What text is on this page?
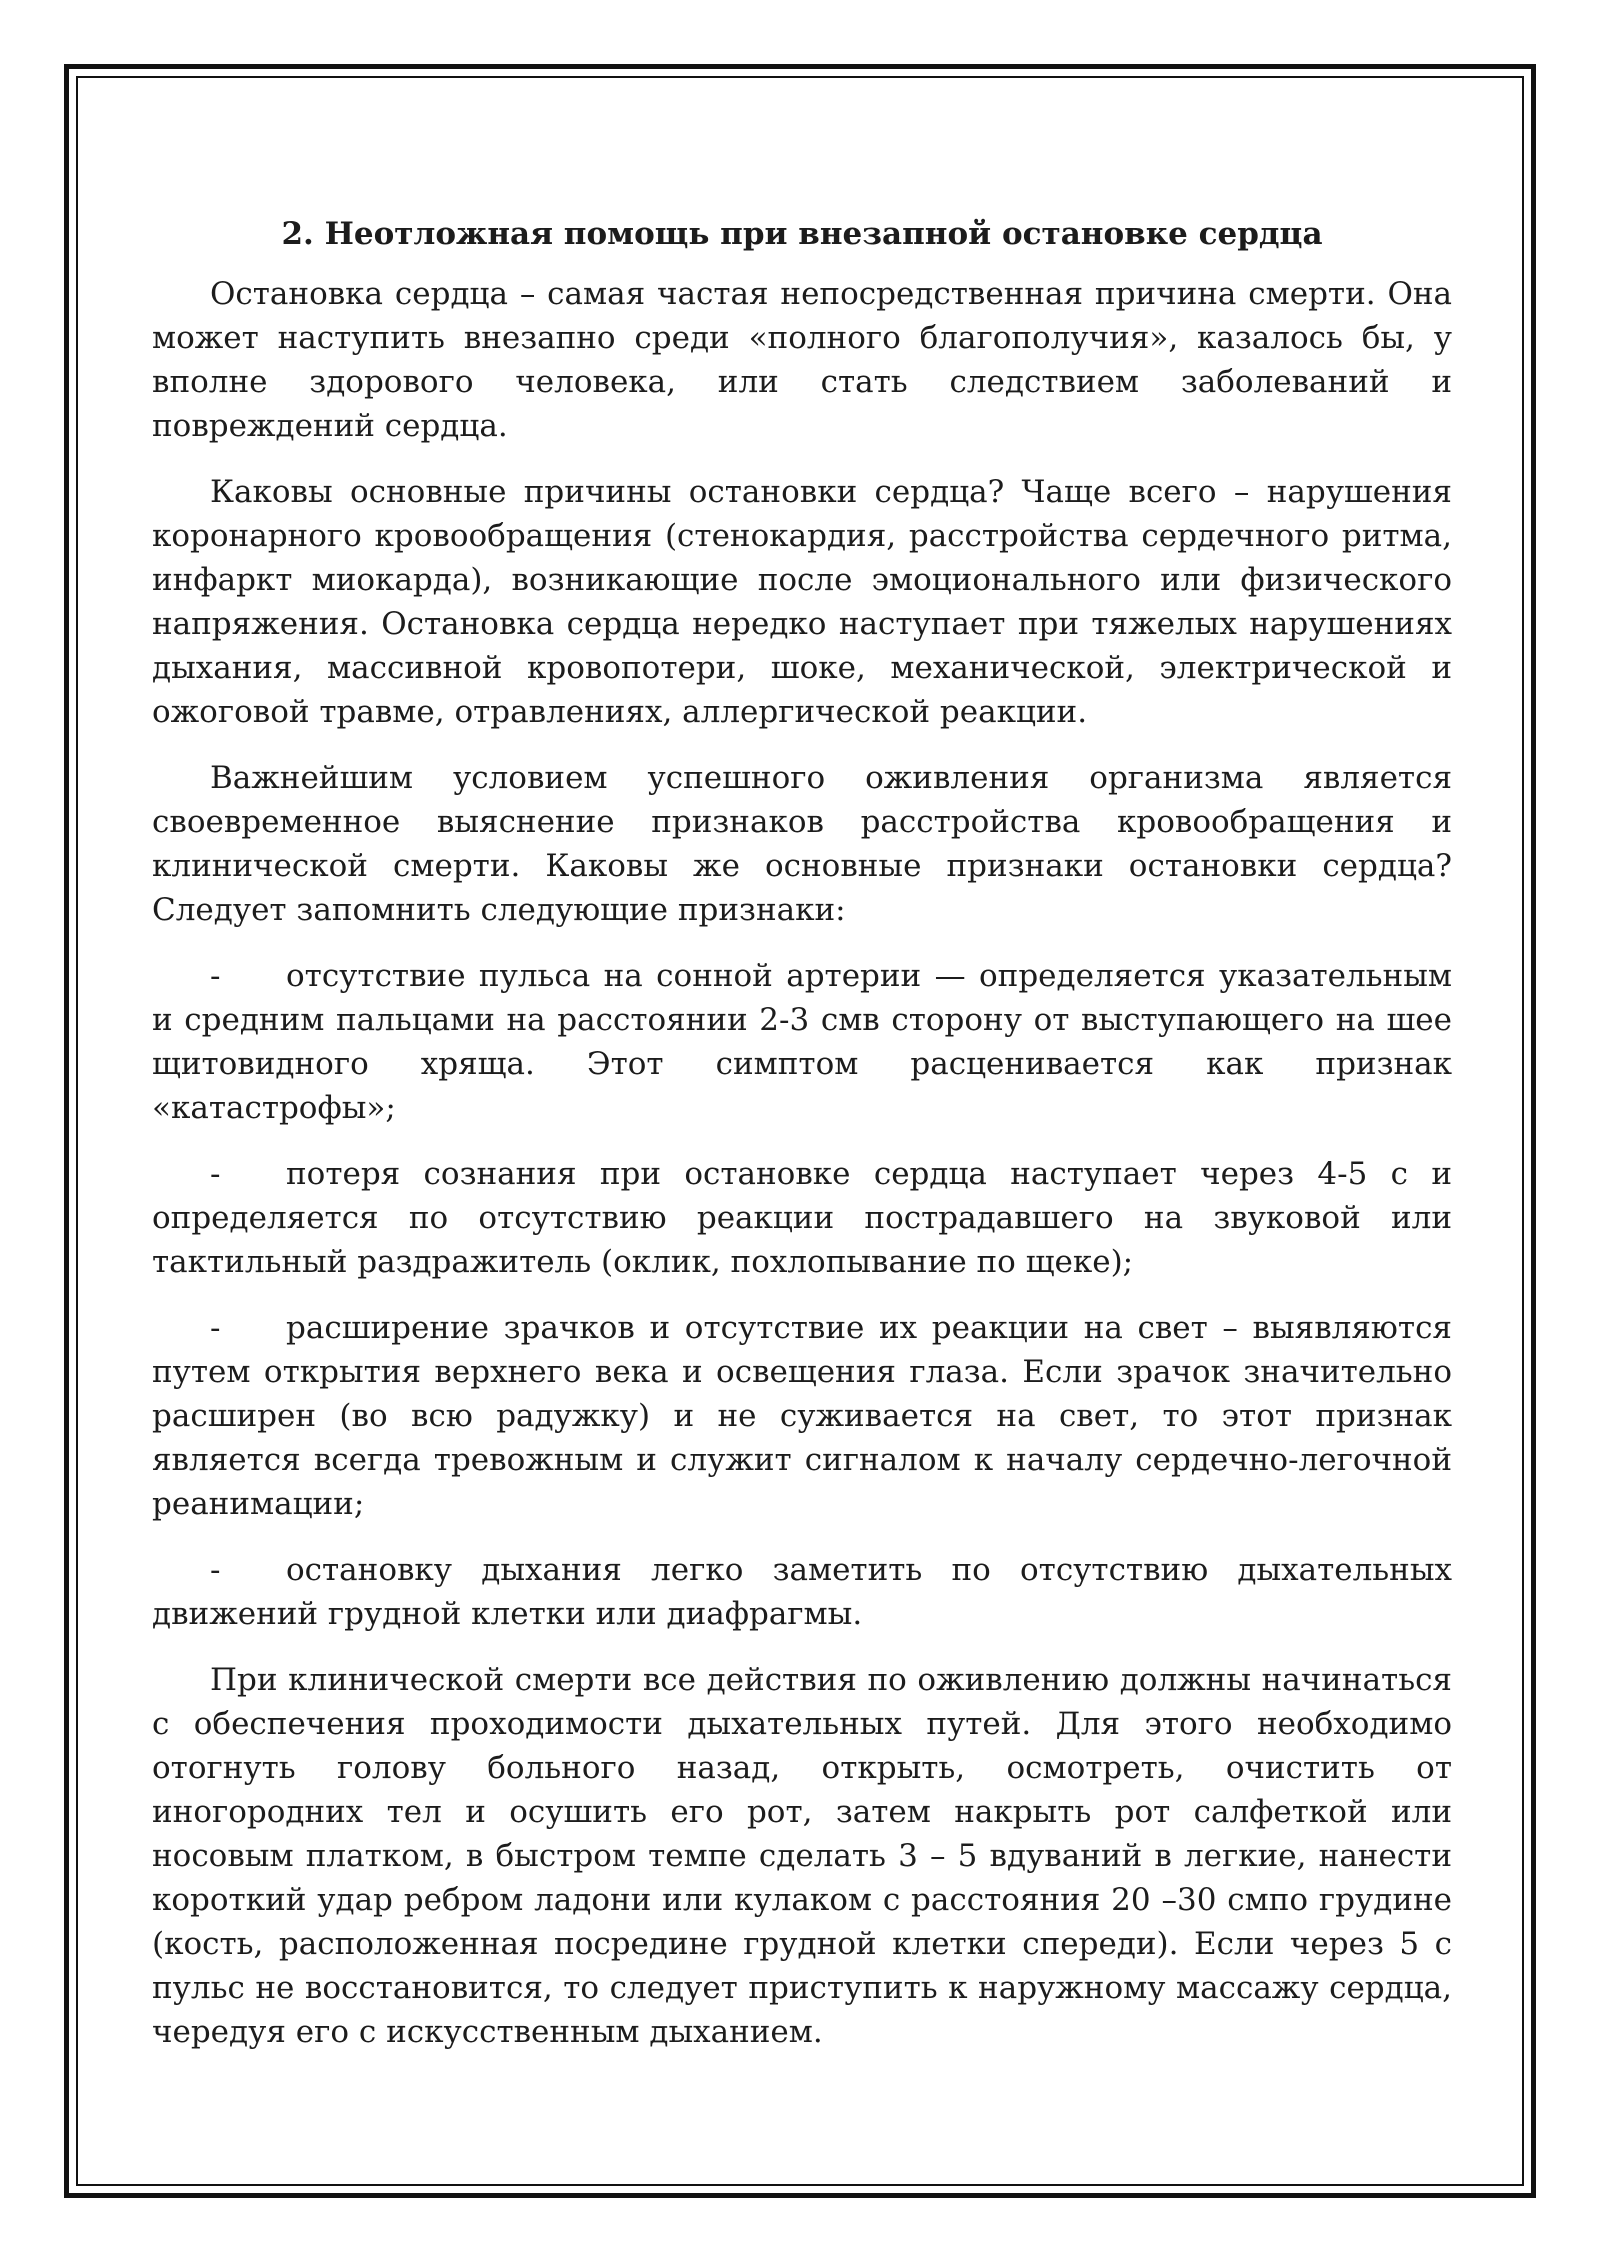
2. Неотложная помощь при внезапной остановке сердца

Остановка сердца – самая частая непосредственная причина смерти. Она может наступить внезапно среди «полного благополучия», казалось бы, у вполне здорового человека, или стать следствием заболеваний и повреждений сердца.

Каковы основные причины остановки сердца? Чаще всего – нарушения коронарного кровообращения (стенокардия, расстройства сердечного ритма, инфаркт миокарда), возникающие после эмоционального или физического напряжения. Остановка сердца нередко наступает при тяжелых нарушениях дыхания, массивной кровопотери, шоке, механической, электрической и ожоговой травме, отравлениях, аллергической реакции.

Важнейшим условием успешного оживления организма является своевременное выяснение признаков расстройства кровообращения и клинической смерти. Каковы же основные признаки остановки сердца? Следует запомнить следующие признаки:

- отсутствие пульса на сонной артерии — определяется указательным и средним пальцами на расстоянии 2-3 смв сторону от выступающего на шее щитовидного хряща. Этот симптом расценивается как признак «катастрофы»;

- потеря сознания при остановке сердца наступает через 4-5 с и определяется по отсутствию реакции пострадавшего на звуковой или тактильный раздражитель (оклик, похлопывание по щеке);

- расширение зрачков и отсутствие их реакции на свет – выявляются путем открытия верхнего века и освещения глаза. Если зрачок значительно расширен (во всю радужку) и не суживается на свет, то этот признак является всегда тревожным и служит сигналом к началу сердечно-легочной реанимации;

- остановку дыхания легко заметить по отсутствию дыхательных движений грудной клетки или диафрагмы.

При клинической смерти все действия по оживлению должны начинаться с обеспечения проходимости дыхательных путей. Для этого необходимо отогнуть голову больного назад, открыть, осмотреть, очистить от иногородних тел и осушить его рот, затем накрыть рот салфеткой или носовым платком, в быстром темпе сделать 3 – 5 вдуваний в легкие, нанести короткий удар ребром ладони или кулаком с расстояния 20 –30 смпо грудине (кость, расположенная посредине грудной клетки спереди). Если через 5 с пульс не восстановится, то следует приступить к наружному массажу сердца, чередуя его с искусственным дыханием.
